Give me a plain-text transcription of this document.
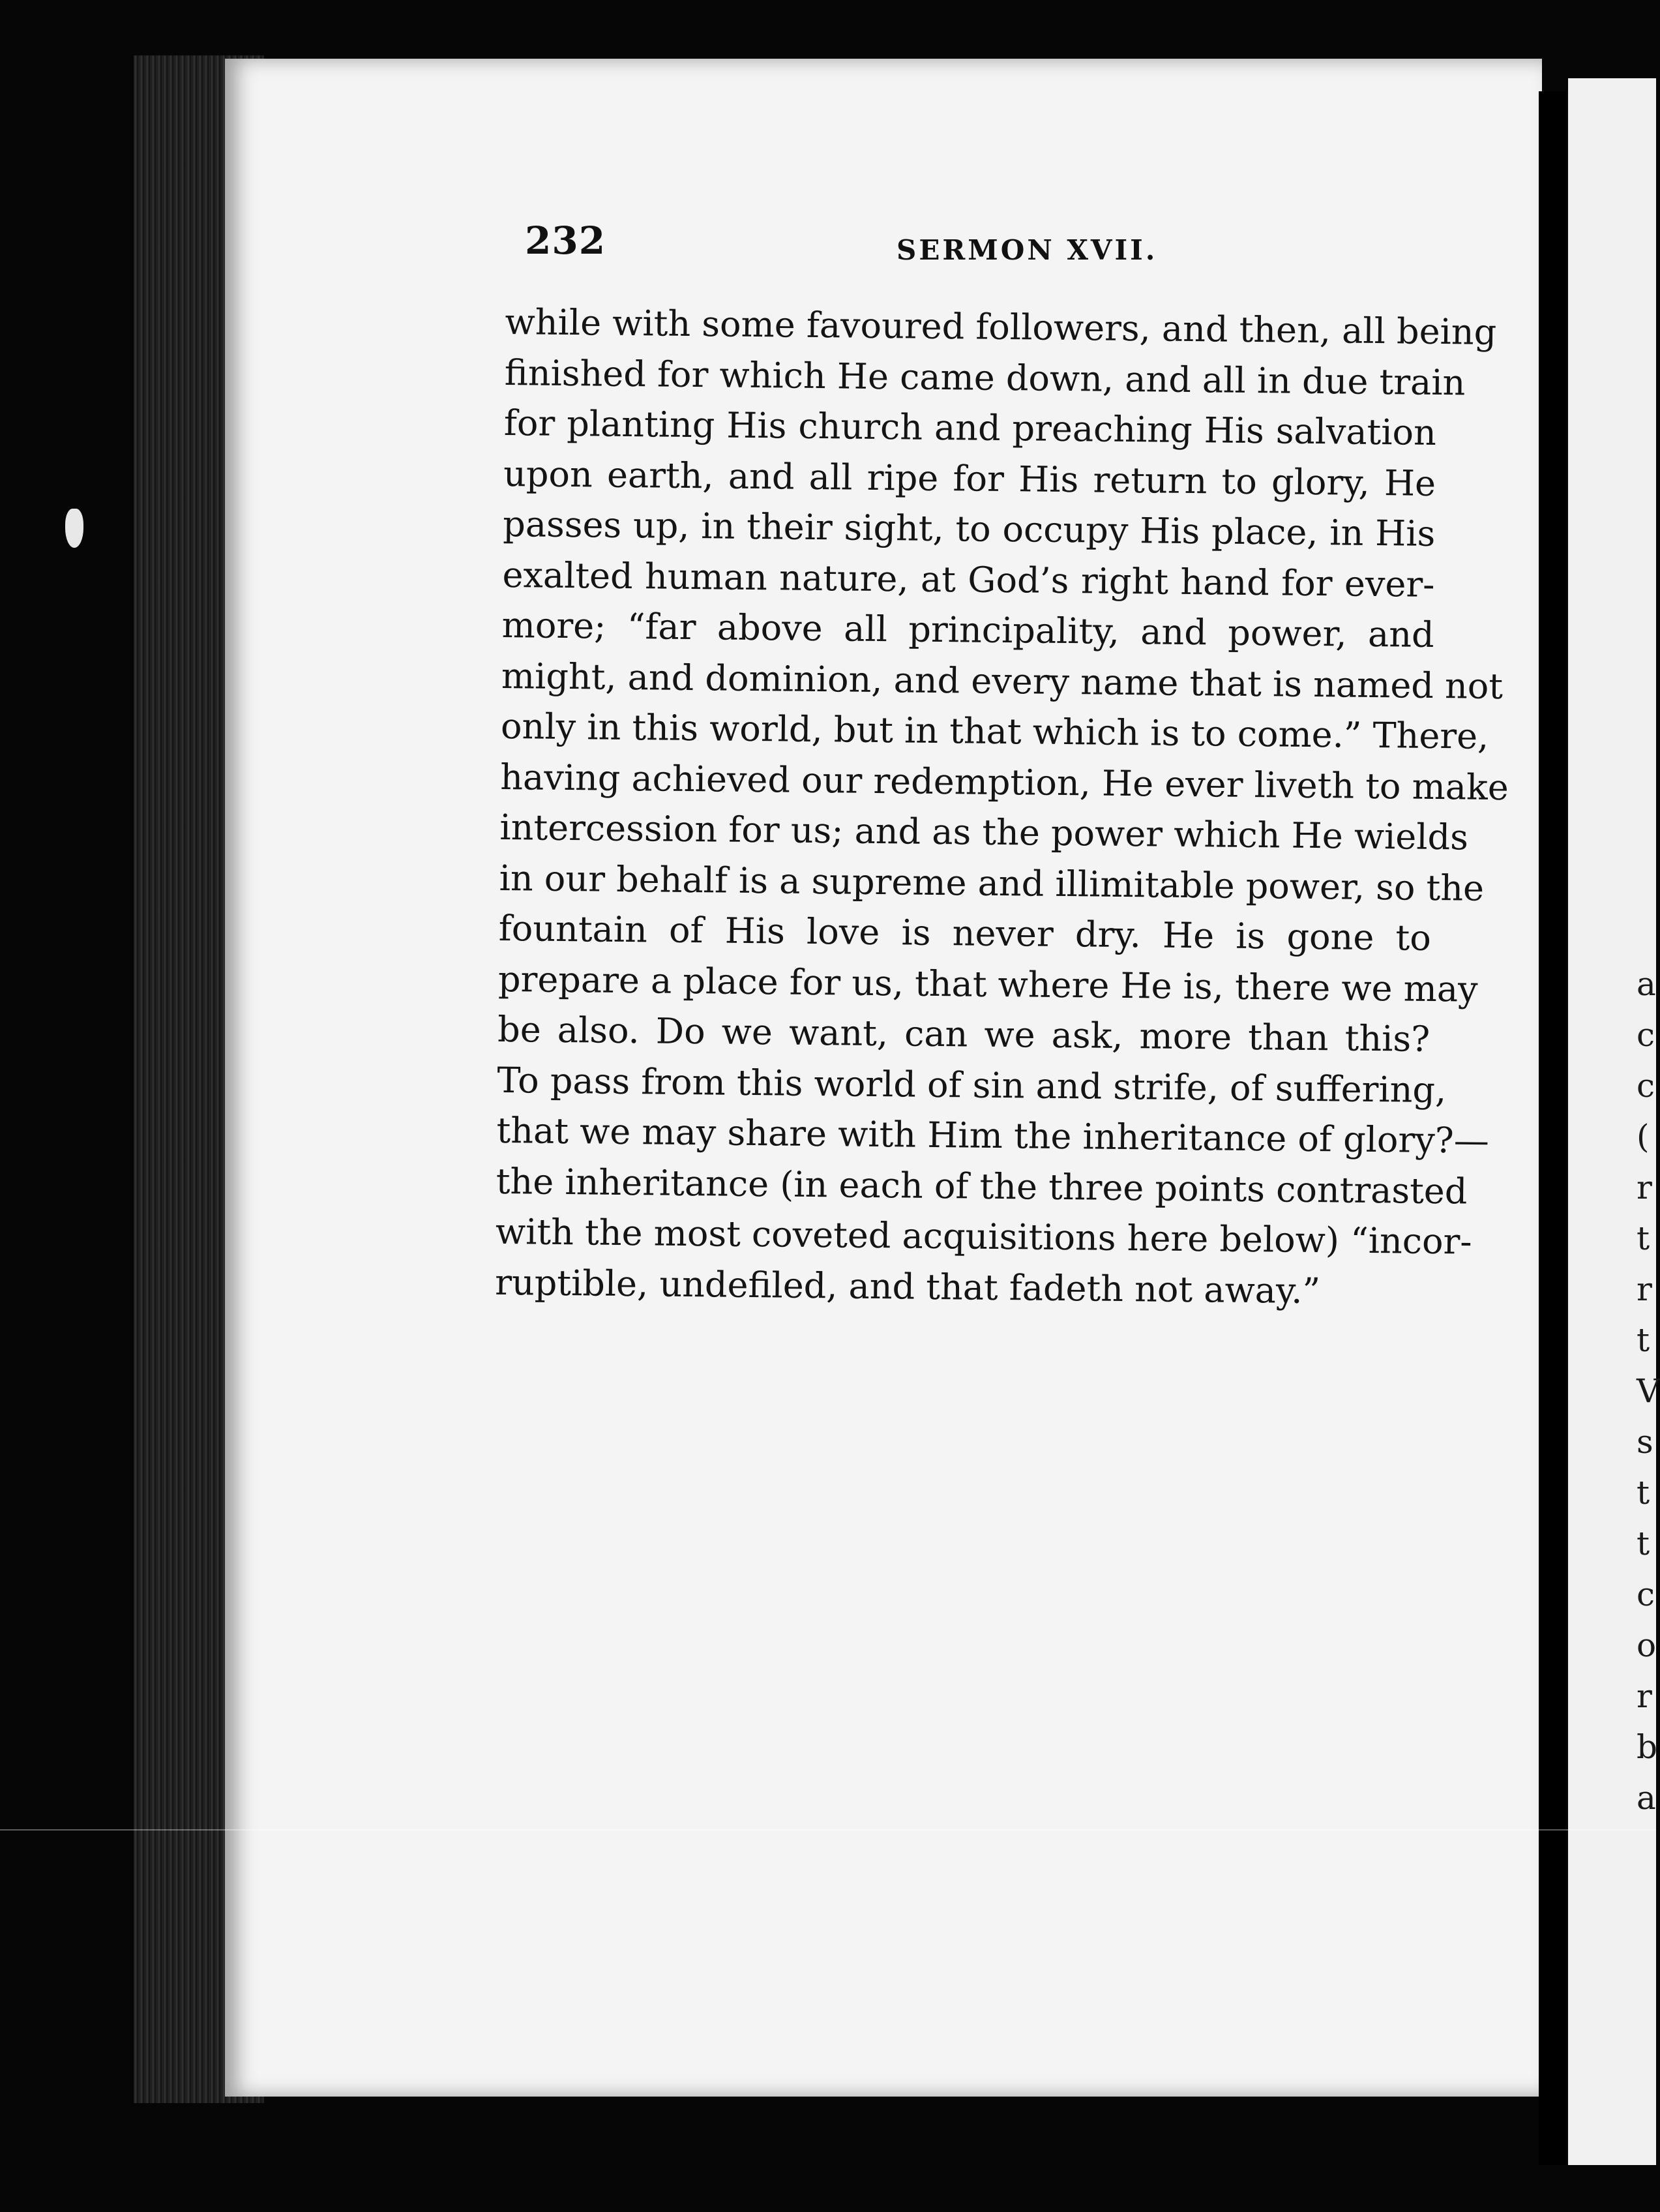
232	SERMON XVII.
while with some favoured followers, and then, all being
finished for which He came down, and all in due train
for planting His church and preaching His salvation
upon earth, and all ripe for His return to glory, He
passes up, in their sight, to occupy His place, in His
exalted human nature, at God’s right hand for ever-
more; “far above all principality, and power, and
might, and dominion, and every name that is named not
only in this world, but in that which is to come.” There,
having achieved our redemption, He ever liveth to make
intercession for us; and as the power which He wields
in our behalf is a supreme and illimitable power, so the
fountain of His love is never dry. He is gone to
prepare a place for us, that where He is, there we may
be also. Do we want, can we ask, more than this?
To pass from this world of sin and strife, of suffering,
that we may share with Him the inheritance of glory?—
the inheritance (in each of the three points contrasted
with the most coveted acquisitions here below) “incor-
ruptible, undefiled, and that fadeth not away.”
a
c
c
(
r
t
r
t
V
s
t
t
c
o
r
b
a
